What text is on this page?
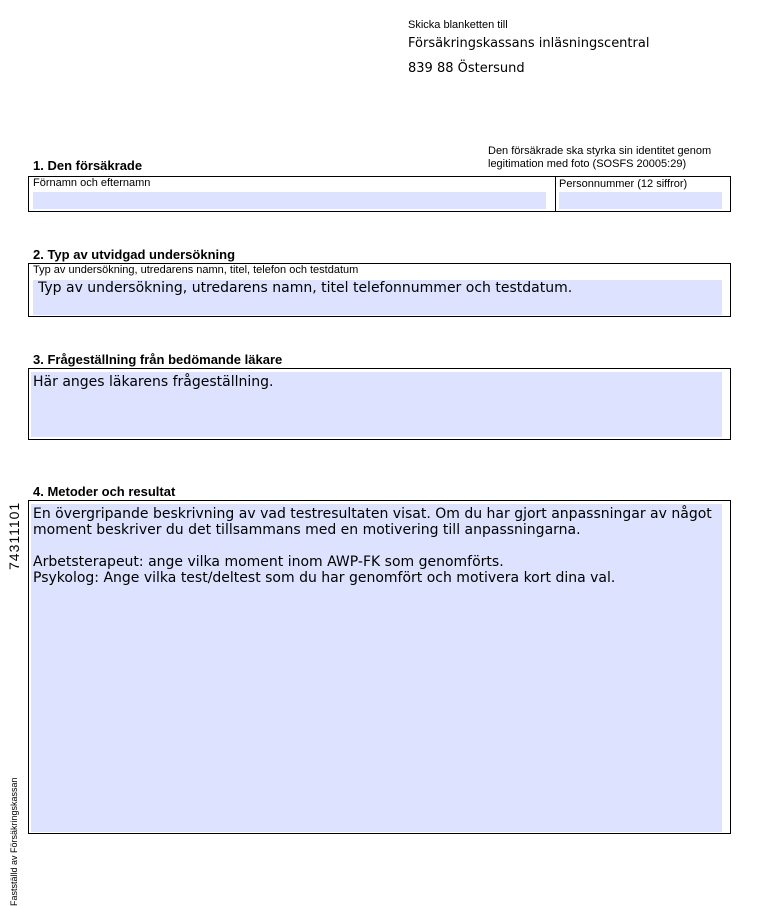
Skicka blanketten till
Försäkringskassans inläsningscentral
839 88 Östersund
Den försäkrade ska styrka sin identitet genom legitimation med foto (SOSFS 20005:29)
1. Den försäkrade
Förnamn och efternamn	Personnummer (12 siffror)
2. Typ av utvidgad undersökning
Typ av undersökning, utredarens namn, titel, telefon och testdatum
Typ av undersökning, utredarens namn, titel telefonnummer och testdatum.
3. Frågeställning från bedömande läkare
Här anges läkarens frågeställning.
4. Metoder och resultat
En övergripande beskrivning av vad testresultaten visat. Om du har gjort anpassningar av något moment beskriver du det tillsammans med en motivering till anpassningarna.

Arbetsterapeut: ange vilka moment inom AWP-FK som genomförts.
Psykolog: Ange vilka test/deltest som du har genomfört och motivera kort dina val.
74311101
Fastställd av Försäkringskassan
